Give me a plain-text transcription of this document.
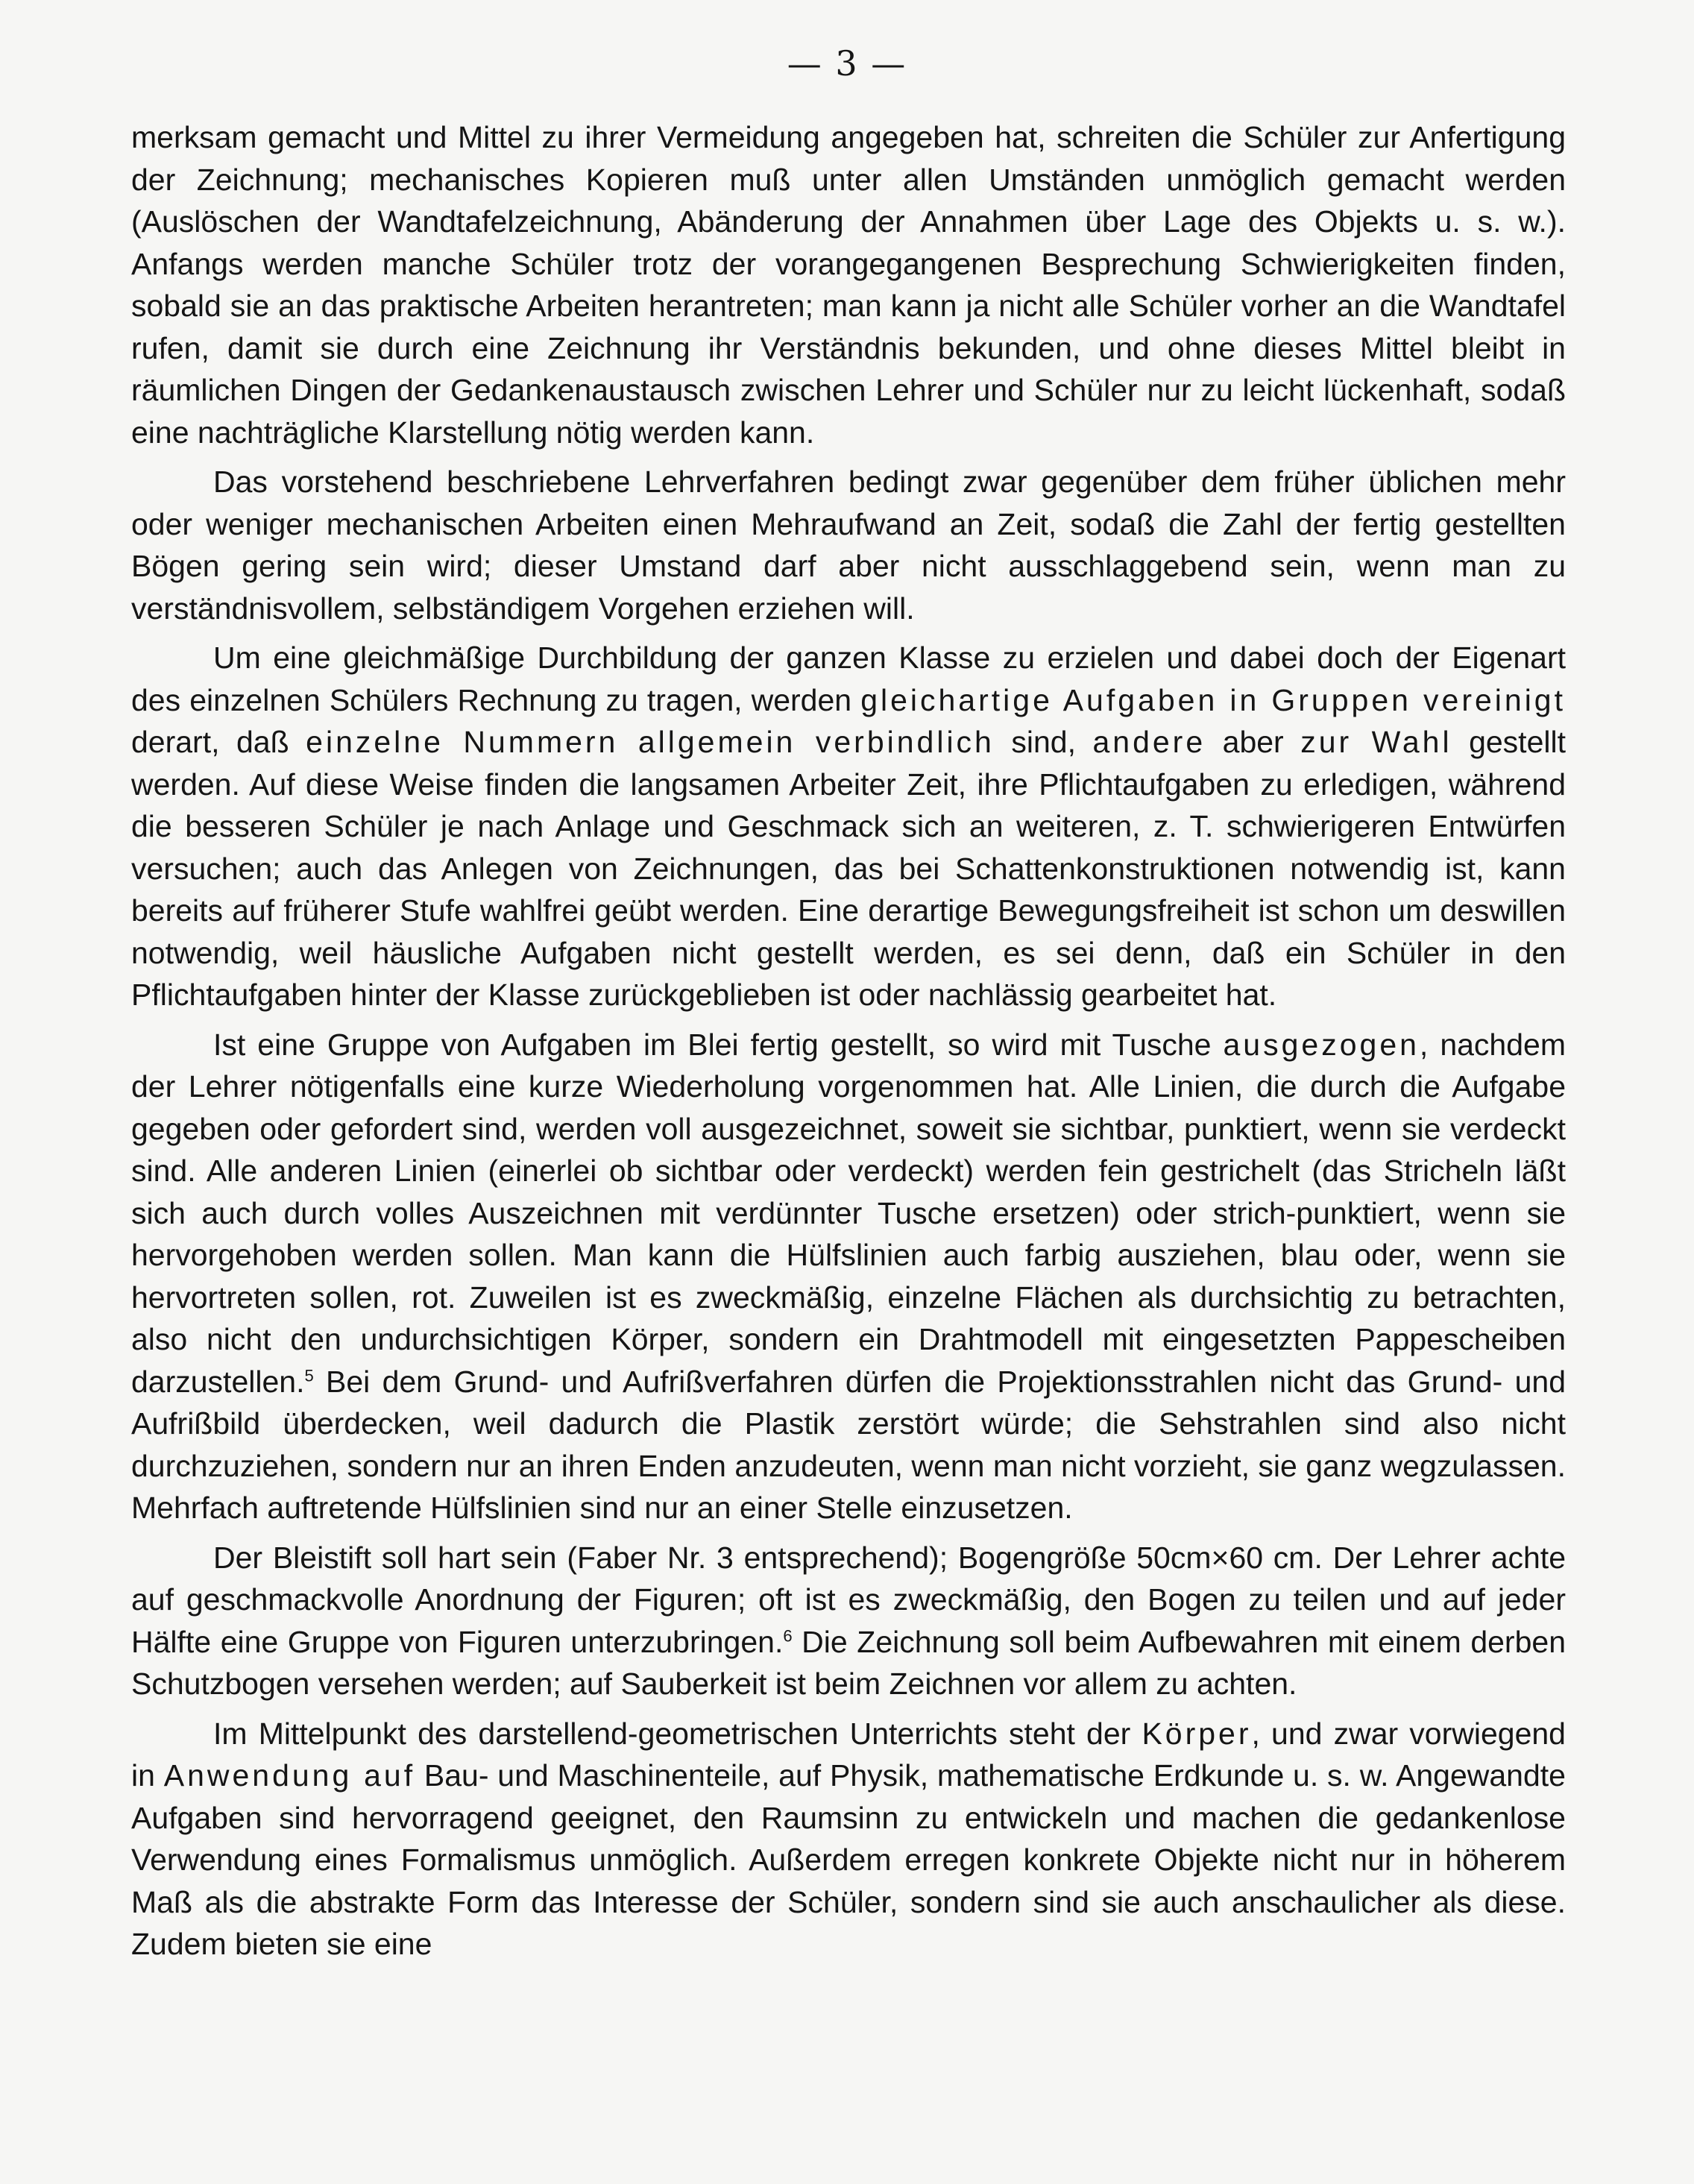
— 3 —

merksam gemacht und Mittel zu ihrer Vermeidung angegeben hat, schreiten die Schüler zur Anfertigung der Zeichnung; mechanisches Kopieren muß unter allen Umständen unmöglich gemacht werden (Auslöschen der Wandtafelzeichnung, Abänderung der Annahmen über Lage des Objekts u. s. w.). Anfangs werden manche Schüler trotz der vorangegangenen Besprechung Schwierigkeiten finden, sobald sie an das praktische Arbeiten herantreten; man kann ja nicht alle Schüler vorher an die Wandtafel rufen, damit sie durch eine Zeichnung ihr Verständnis bekunden, und ohne dieses Mittel bleibt in räumlichen Dingen der Gedankenaustausch zwischen Lehrer und Schüler nur zu leicht lückenhaft, sodaß eine nachträgliche Klarstellung nötig werden kann.

Das vorstehend beschriebene Lehrverfahren bedingt zwar gegenüber dem früher üblichen mehr oder weniger mechanischen Arbeiten einen Mehraufwand an Zeit, sodaß die Zahl der fertig gestellten Bögen gering sein wird; dieser Umstand darf aber nicht ausschlaggebend sein, wenn man zu verständnisvollem, selbständigem Vorgehen erziehen will.

Um eine gleichmäßige Durchbildung der ganzen Klasse zu erzielen und dabei doch der Eigenart des einzelnen Schülers Rechnung zu tragen, werden gleichartige Aufgaben in Gruppen vereinigt derart, daß einzelne Nummern allgemein verbindlich sind, andere aber zur Wahl gestellt werden. Auf diese Weise finden die langsamen Arbeiter Zeit, ihre Pflichtaufgaben zu erledigen, während die besseren Schüler je nach Anlage und Geschmack sich an weiteren, z. T. schwierigeren Entwürfen versuchen; auch das Anlegen von Zeichnungen, das bei Schattenkonstruktionen notwendig ist, kann bereits auf früherer Stufe wahlfrei geübt werden. Eine derartige Bewegungsfreiheit ist schon um deswillen notwendig, weil häusliche Aufgaben nicht gestellt werden, es sei denn, daß ein Schüler in den Pflichtaufgaben hinter der Klasse zurückgeblieben ist oder nachlässig gearbeitet hat.

Ist eine Gruppe von Aufgaben im Blei fertig gestellt, so wird mit Tusche ausgezogen, nachdem der Lehrer nötigenfalls eine kurze Wiederholung vorgenommen hat. Alle Linien, die durch die Aufgabe gegeben oder gefordert sind, werden voll ausgezeichnet, soweit sie sichtbar, punktiert, wenn sie verdeckt sind. Alle anderen Linien (einerlei ob sichtbar oder verdeckt) werden fein gestrichelt (das Stricheln läßt sich auch durch volles Auszeichnen mit verdünnter Tusche ersetzen) oder strich-punktiert, wenn sie hervorgehoben werden sollen. Man kann die Hülfslinien auch farbig ausziehen, blau oder, wenn sie hervortreten sollen, rot. Zuweilen ist es zweckmäßig, einzelne Flächen als durchsichtig zu betrachten, also nicht den undurchsichtigen Körper, sondern ein Drahtmodell mit eingesetzten Pappescheiben darzustellen.$^5$ Bei dem Grund- und Aufrißverfahren dürfen die Projektionsstrahlen nicht das Grund- und Aufrißbild überdecken, weil dadurch die Plastik zerstört würde; die Sehstrahlen sind also nicht durchzuziehen, sondern nur an ihren Enden anzudeuten, wenn man nicht vorzieht, sie ganz wegzulassen. Mehrfach auftretende Hülfslinien sind nur an einer Stelle einzusetzen.

Der Bleistift soll hart sein (Faber Nr. 3 entsprechend); Bogengröße 50cm×60 cm. Der Lehrer achte auf geschmackvolle Anordnung der Figuren; oft ist es zweckmäßig, den Bogen zu teilen und auf jeder Hälfte eine Gruppe von Figuren unterzubringen.$^6$ Die Zeichnung soll beim Aufbewahren mit einem derben Schutzbogen versehen werden; auf Sauberkeit ist beim Zeichnen vor allem zu achten.

Im Mittelpunkt des darstellend-geometrischen Unterrichts steht der Körper, und zwar vorwiegend in Anwendung auf Bau- und Maschinenteile, auf Physik, mathematische Erdkunde u. s. w. Angewandte Aufgaben sind hervorragend geeignet, den Raumsinn zu entwickeln und machen die gedankenlose Verwendung eines Formalismus unmöglich. Außerdem erregen konkrete Objekte nicht nur in höherem Maß als die abstrakte Form das Interesse der Schüler, sondern sind sie auch anschaulicher als diese. Zudem bieten sie eine
